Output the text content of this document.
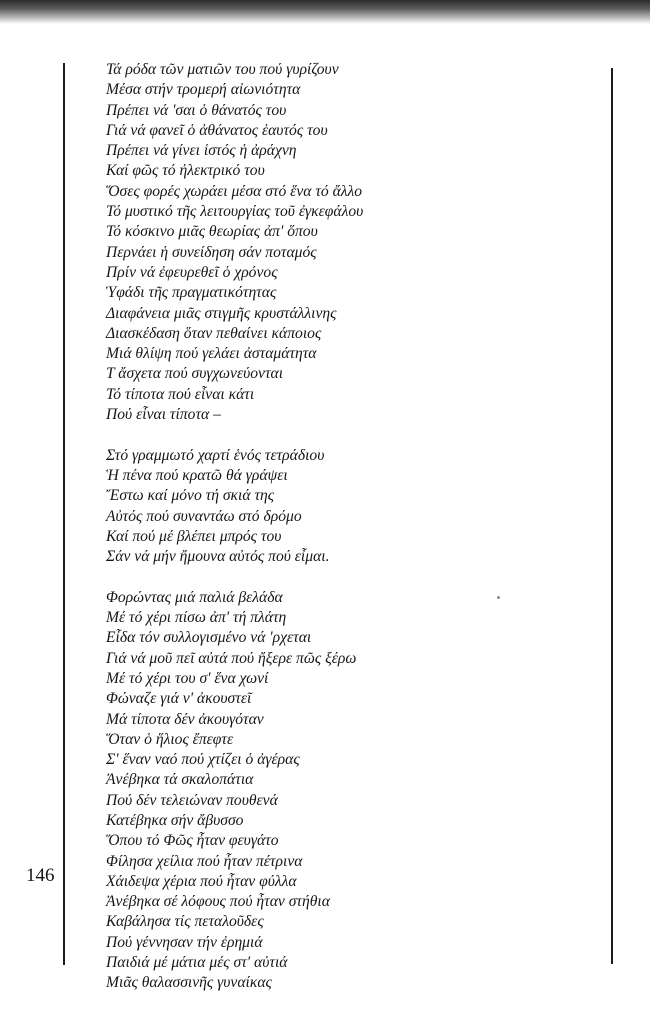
146
Τά ρόδα τῶν ματιῶν του πού γυρίζουν
Μέσα στήν τρομερή αἰωνιότητα
Πρέπει νά 'σαι ὁ θάνατός του
Γιά νά φανεῖ ὁ ἀθάνατος ἑαυτός του
Πρέπει νά γίνει ἱστός ἡ ἀράχνη
Καί φῶς τό ἠλεκτρικό του
Ὅσες φορές χωράει μέσα στό ἕνα τό ἄλλο
Τό μυστικό τῆς λειτουργίας τοῦ ἐγκεφάλου
Τό κόσκινο μιᾶς θεωρίας ἀπ' ὅπου
Περνάει ἡ συνείδηση σάν ποταμός
Πρίν νά ἐφευρεθεῖ ὁ χρόνος
Ὑφάδι τῆς πραγματικότητας
Διαφάνεια μιᾶς στιγμῆς κρυστάλλινης
Διασκέδαση ὅταν πεθαίνει κάποιος
Μιά θλίψη πού γελάει ἀσταμάτητα
Τ ἄσχετα πού συγχωνεύονται
Τό τίποτα πού εἶναι κάτι
Πού εἶναι τίποτα –
Στό γραμμωτό χαρτί ἑνός τετράδιου
Ἡ πένα πού κρατῶ θά γράψει
Ἔστω καί μόνο τή σκιά της
Αὐτός πού συναντάω στό δρόμο
Καί πού μέ βλέπει μπρός του
Σάν νά μήν ἤμουνα αὐτός πού εἶμαι.
Φορώντας μιά παλιά βελάδα
Μέ τό χέρι πίσω ἀπ' τή πλάτη
Εἶδα τόν συλλογισμένο νά 'ρχεται
Γιά νά μοῦ πεῖ αὐτά πού ἤξερε πῶς ξέρω
Μέ τό χέρι του σ' ἕνα χωνί
Φώναζε γιά ν' ἀκουστεῖ
Μά τίποτα δέν ἀκουγόταν
Ὅταν ὁ ἥλιος ἔπεφτε
Σ' ἕναν ναό πού χτίζει ὁ ἀγέρας
Ἀνέβηκα τά σκαλοπάτια
Πού δέν τελειώναν πουθενά
Κατέβηκα σήν ἄβυσσο
Ὅπου τό Φῶς ἦταν φευγάτο
Φίλησα χείλια πού ἦταν πέτρινα
Χάιδεψα χέρια πού ἦταν φύλλα
Ἀνέβηκα σέ λόφους πού ἦταν στήθια
Καβάλησα τίς πεταλοῦδες
Πού γέννησαν τήν ἐρημιά
Παιδιά μέ μάτια μές στ' αὐτιά
Μιᾶς θαλασσινῆς γυναίκας
